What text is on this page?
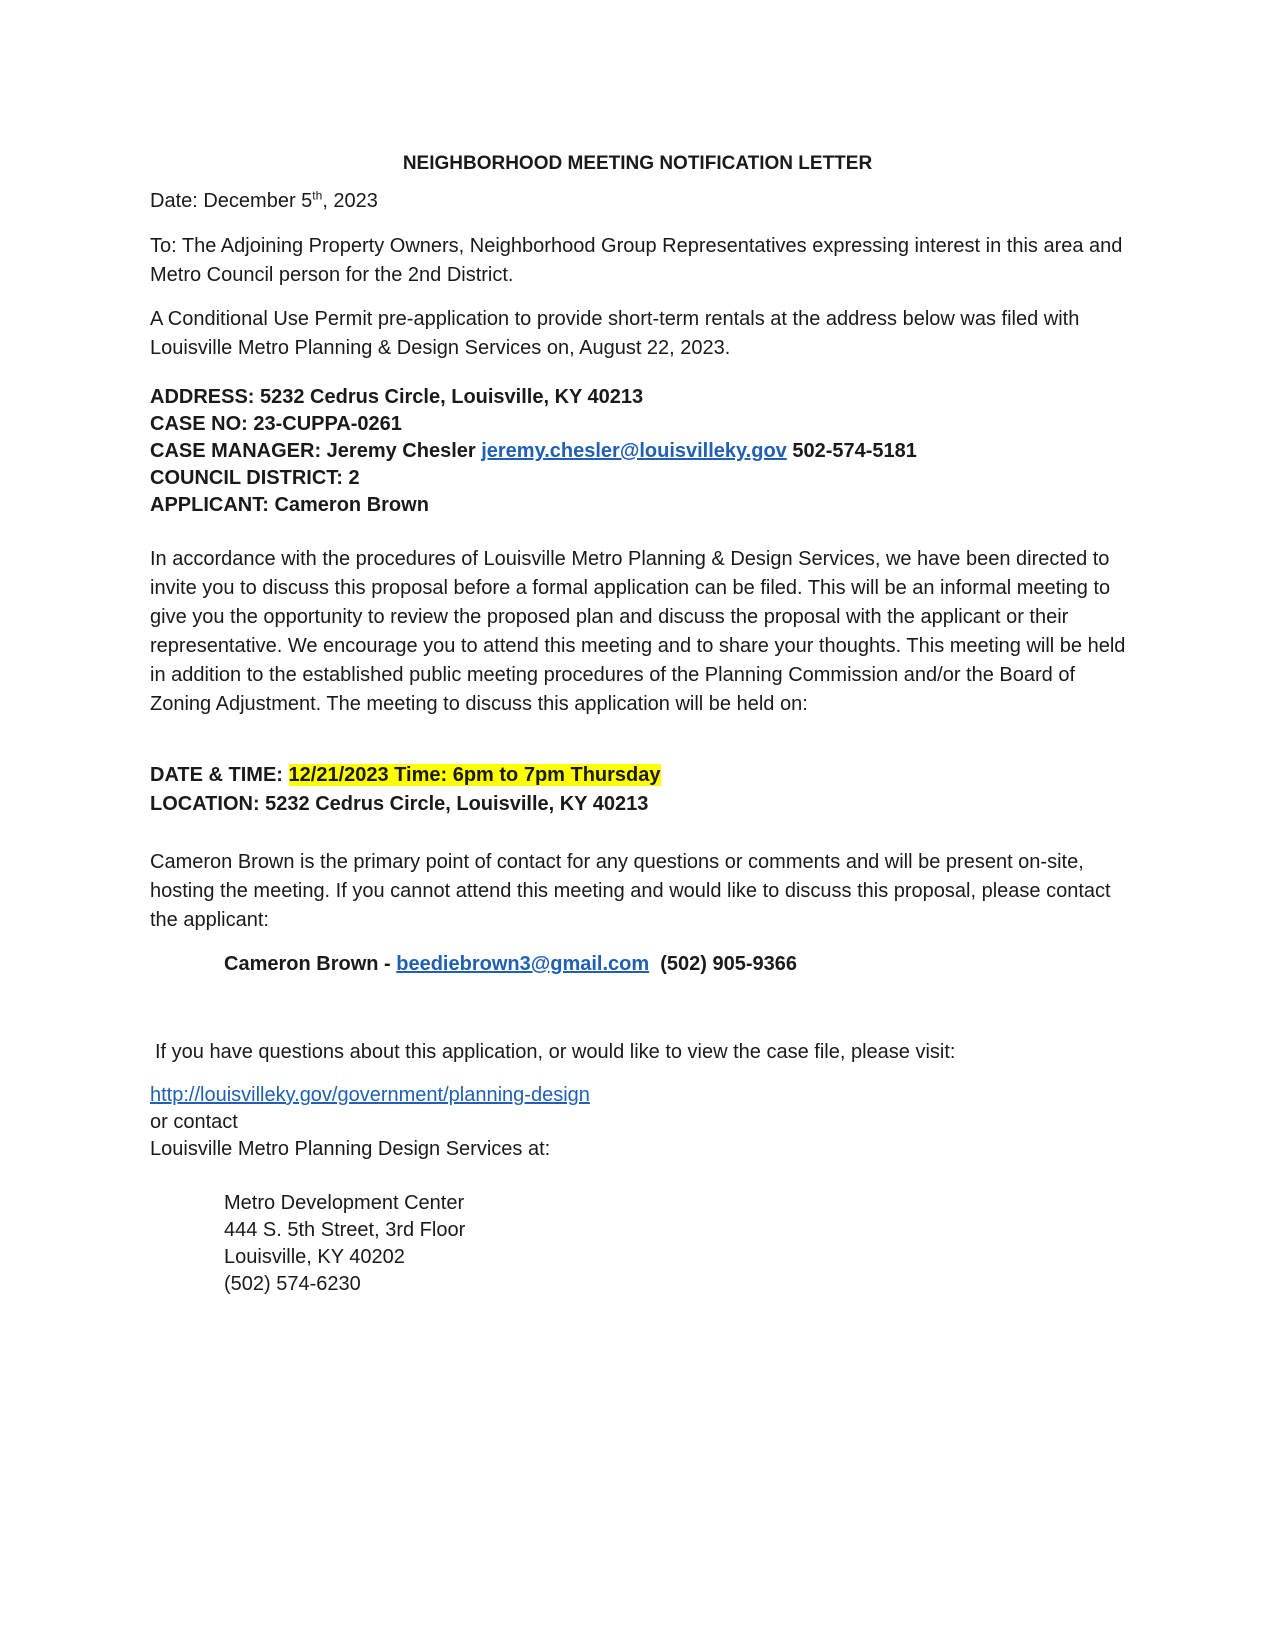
NEIGHBORHOOD MEETING NOTIFICATION LETTER

Date: December 5th, 2023

To: The Adjoining Property Owners, Neighborhood Group Representatives expressing interest in this area and Metro Council person for the 2nd District.

A Conditional Use Permit pre-application to provide short-term rentals at the address below was filed with Louisville Metro Planning & Design Services on, August 22, 2023.

ADDRESS: 5232 Cedrus Circle, Louisville, KY 40213
CASE NO: 23-CUPPA-0261
CASE MANAGER: Jeremy Chesler jeremy.chesler@louisvilleky.gov 502-574-5181
COUNCIL DISTRICT: 2
APPLICANT: Cameron Brown

In accordance with the procedures of Louisville Metro Planning & Design Services, we have been directed to invite you to discuss this proposal before a formal application can be filed. This will be an informal meeting to give you the opportunity to review the proposed plan and discuss the proposal with the applicant or their representative. We encourage you to attend this meeting and to share your thoughts. This meeting will be held in addition to the established public meeting procedures of the Planning Commission and/or the Board of Zoning Adjustment. The meeting to discuss this application will be held on:

DATE & TIME: 12/21/2023 Time: 6pm to 7pm Thursday
LOCATION: 5232 Cedrus Circle, Louisville, KY 40213

Cameron Brown is the primary point of contact for any questions or comments and will be present on-site, hosting the meeting. If you cannot attend this meeting and would like to discuss this proposal, please contact the applicant:

Cameron Brown - beediebrown3@gmail.com (502) 905-9366

If you have questions about this application, or would like to view the case file, please visit:

http://louisvilleky.gov/government/planning-design
or contact
Louisville Metro Planning Design Services at:
Metro Development Center
444 S. 5th Street, 3rd Floor
Louisville, KY 40202
(502) 574-6230
